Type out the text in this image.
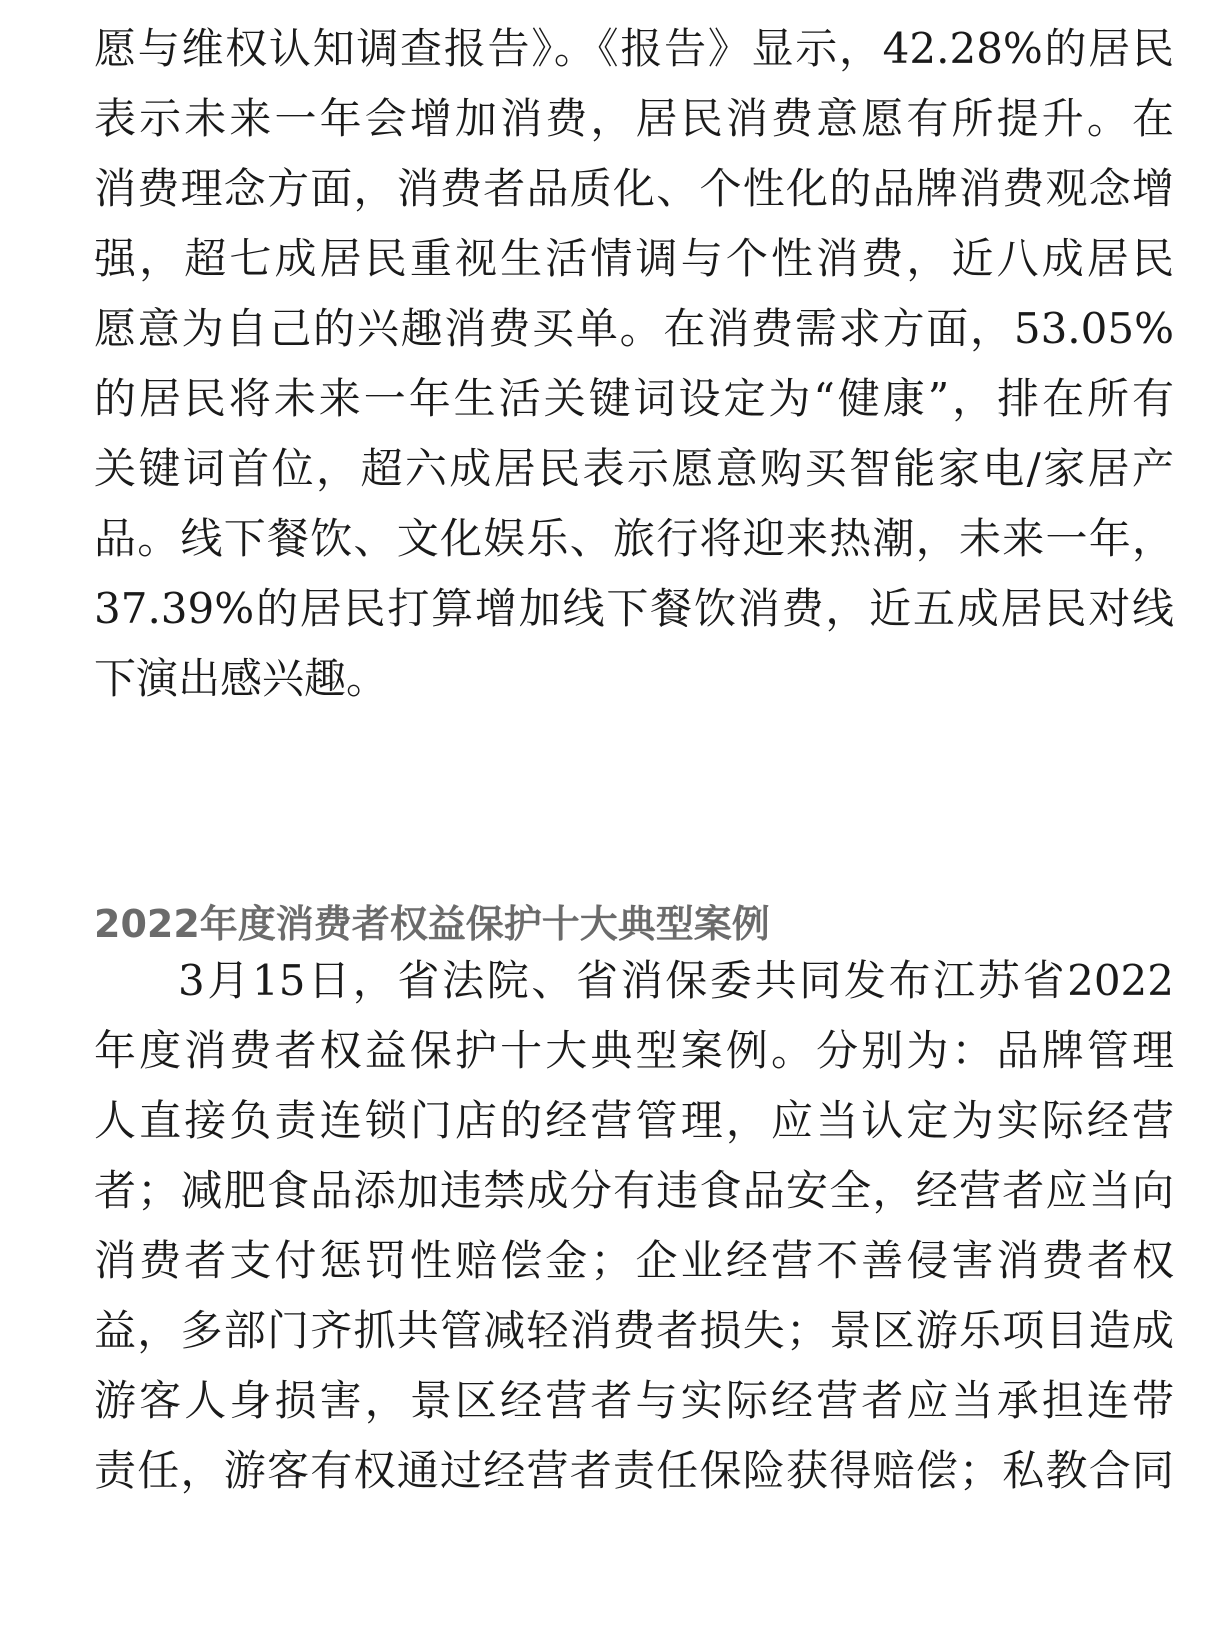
愿与维权认知调查报告》。《报告》显示，42.28%的居民
表示未来一年会增加消费，居民消费意愿有所提升。在
消费理念方面，消费者品质化、个性化的品牌消费观念增
强，超七成居民重视生活情调与个性消费，近八成居民
愿意为自己的兴趣消费买单。在消费需求方面，53.05%
的居民将未来一年生活关键词设定为“健康”，排在所有
关键词首位，超六成居民表示愿意购买智能家电/家居产
品。线下餐饮、文化娱乐、旅行将迎来热潮，未来一年，
37.39%的居民打算增加线下餐饮消费，近五成居民对线
下演出感兴趣。
2022年度消费者权益保护十大典型案例
3月15日，省法院、省消保委共同发布江苏省2022
年度消费者权益保护十大典型案例。分别为：品牌管理
人直接负责连锁门店的经营管理，应当认定为实际经营
者；减肥食品添加违禁成分有违食品安全，经营者应当向
消费者支付惩罚性赔偿金；企业经营不善侵害消费者权
益，多部门齐抓共管减轻消费者损失；景区游乐项目造成
游客人身损害，景区经营者与实际经营者应当承担连带
责任，游客有权通过经营者责任保险获得赔偿；私教合同
